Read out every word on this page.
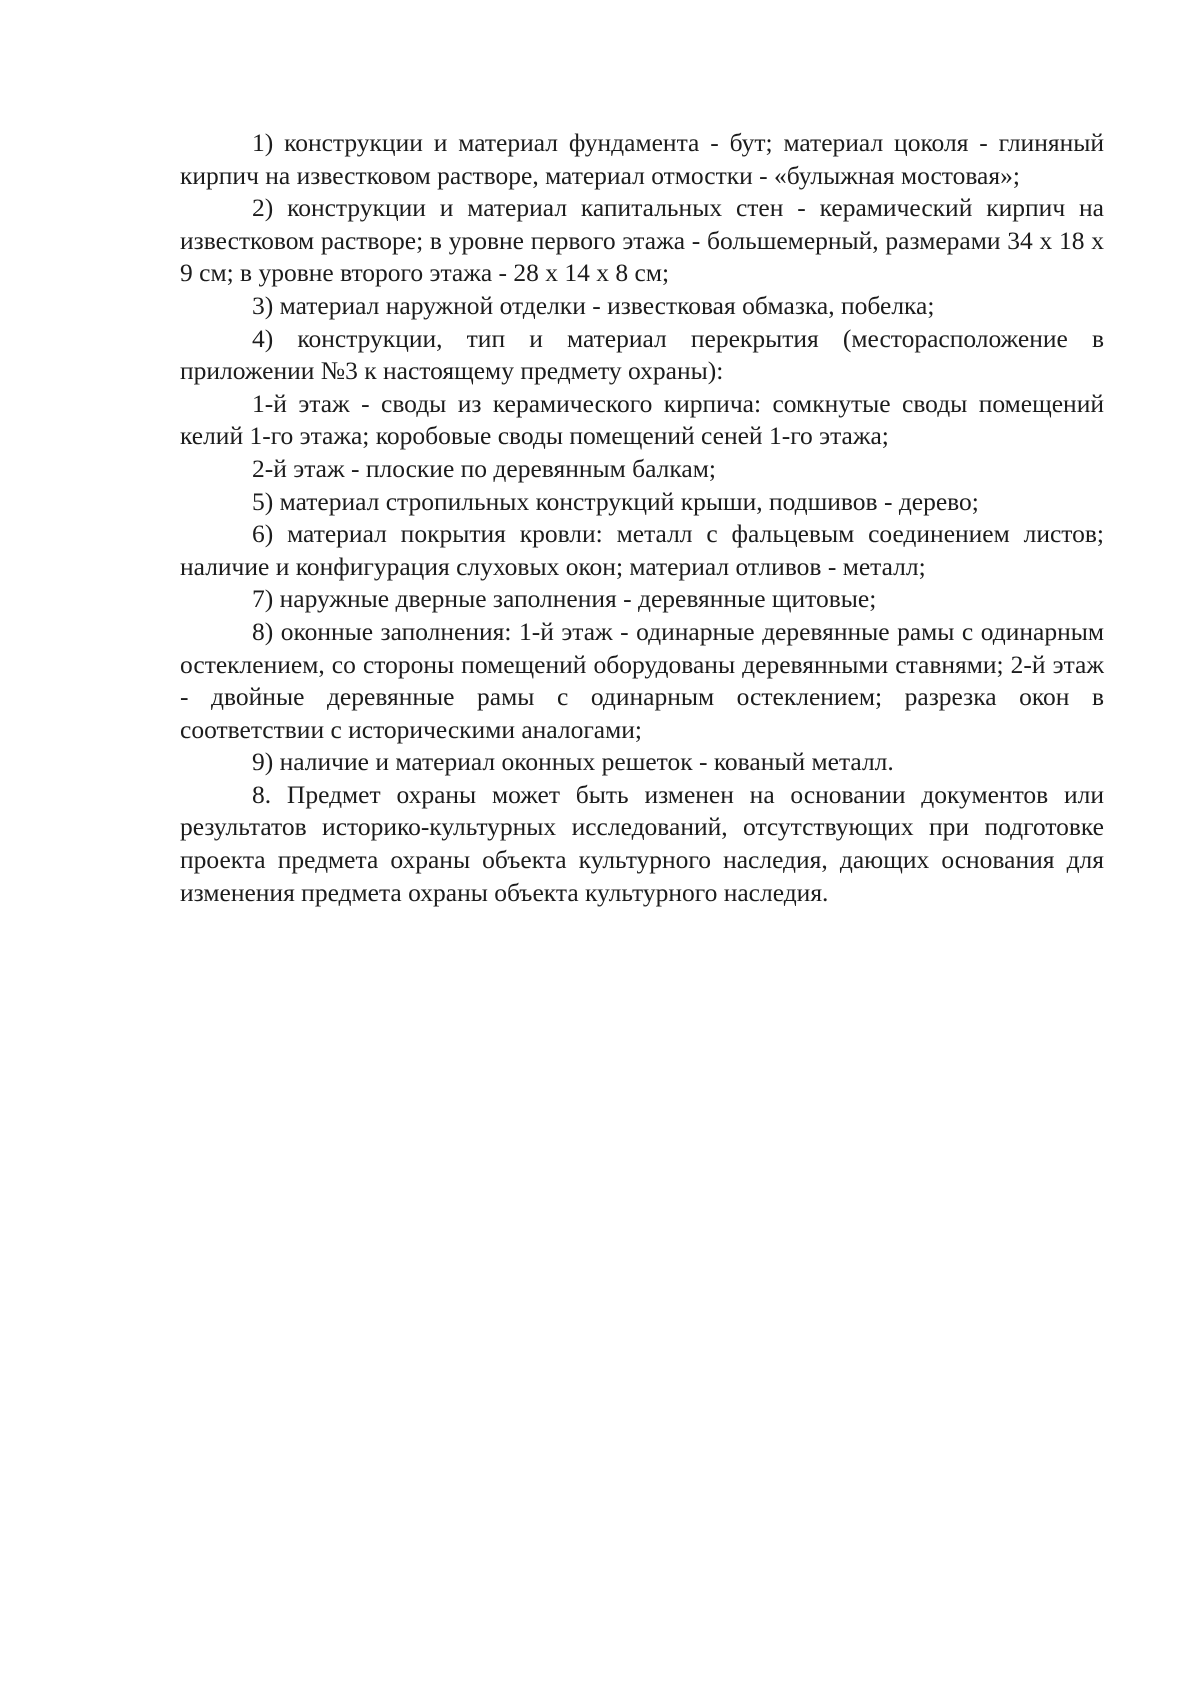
1) конструкции и материал фундамента - бут; материал цоколя - глиняный кирпич на известковом растворе, материал отмостки - «булыжная мостовая»;

2) конструкции и материал капитальных стен - керамический кирпич на известковом растворе; в уровне первого этажа - большемерный, размерами 34 х 18 х 9 см; в уровне второго этажа - 28 х 14 х 8 см;

3) материал наружной отделки - известковая обмазка, побелка;

4) конструкции, тип и материал перекрытия (месторасположение в приложении №3 к настоящему предмету охраны):

1-й этаж - своды из керамического кирпича: сомкнутые своды помещений келий 1-го этажа; коробовые своды помещений сеней 1-го этажа;

2-й этаж - плоские по деревянным балкам;

5) материал стропильных конструкций крыши, подшивов - дерево;

6) материал покрытия кровли: металл с фальцевым соединением листов; наличие и конфигурация слуховых окон; материал отливов - металл;

7) наружные дверные заполнения - деревянные щитовые;

8) оконные заполнения: 1-й этаж - одинарные деревянные рамы с одинарным остеклением, со стороны помещений оборудованы деревянными ставнями; 2-й этаж - двойные деревянные рамы с одинарным остеклением; разрезка окон в соответствии с историческими аналогами;

9) наличие и материал оконных решеток - кованый металл.

8. Предмет охраны может быть изменен на основании документов или результатов историко-культурных исследований, отсутствующих при подготовке проекта предмета охраны объекта культурного наследия, дающих основания для изменения предмета охраны объекта культурного наследия.
